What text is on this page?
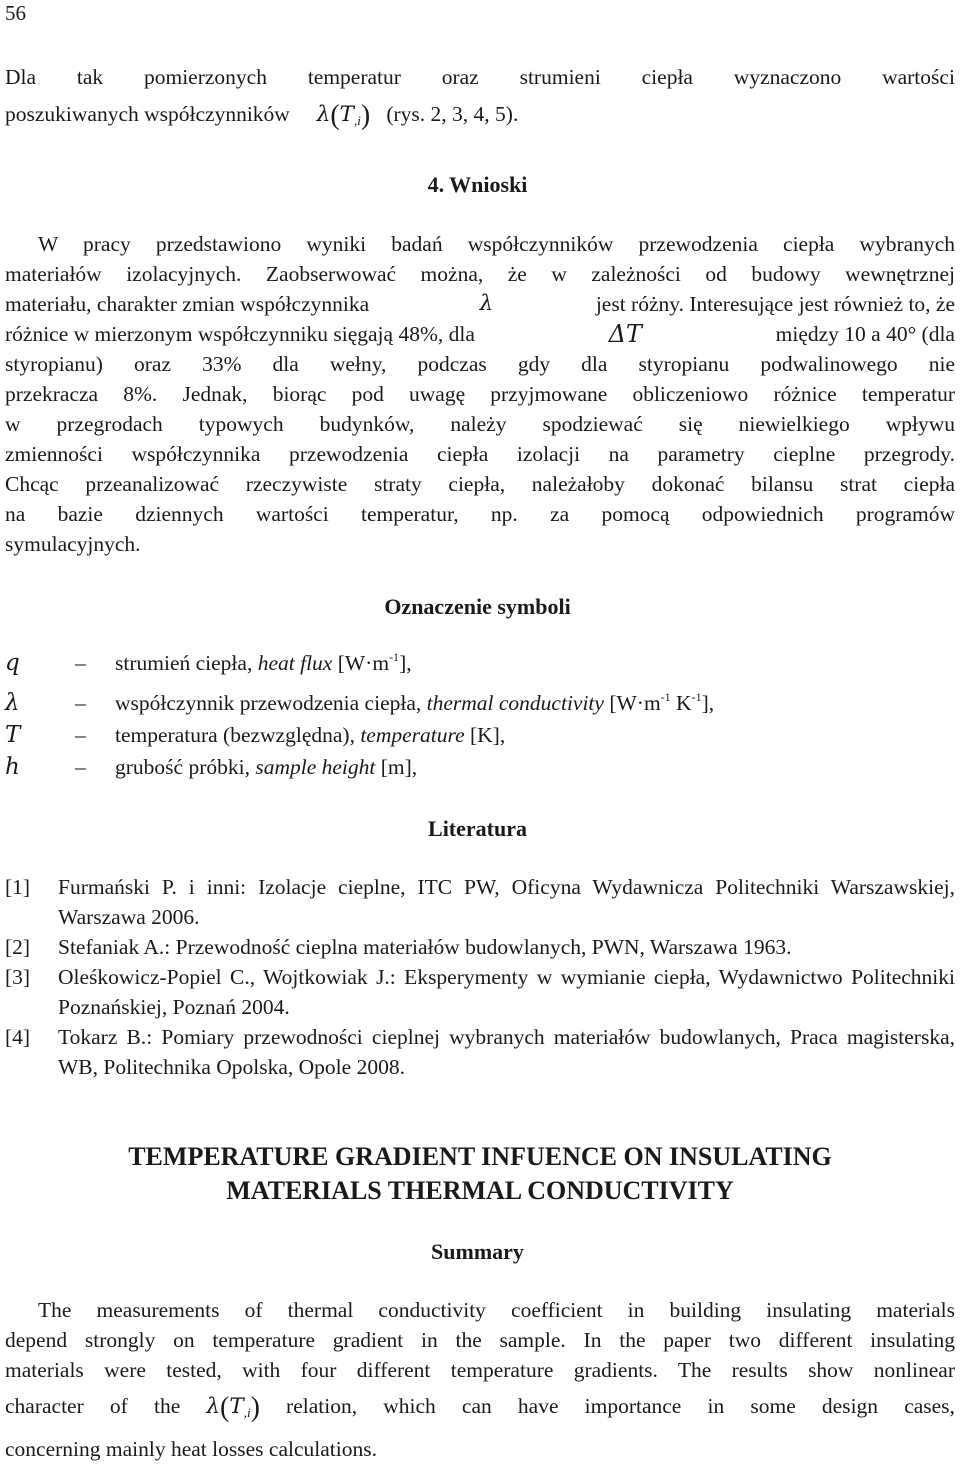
56
Dla tak pomierzonych temperatur oraz strumieni ciepła wyznaczono wartości
poszukiwanych współczynników λ(T,i) (rys. 2, 3, 4, 5).
4. Wnioski
W pracy przedstawiono wyniki badań współczynników przewodzenia ciepła wybranych
materiałów izolacyjnych. Zaobserwować można, że w zależności od budowy wewnętrznej
materiału, charakter zmian współczynnika	λ	jest różny. Interesujące jest również to, że
różnice w mierzonym współczynniku sięgają 48%, dla	ΔT	między 10 a 40° (dla
styropianu) oraz 33% dla wełny, podczas gdy dla styropianu podwalinowego nie
przekracza 8%. Jednak, biorąc pod uwagę przyjmowane obliczeniowo różnice temperatur
w przegrodach typowych budynków, należy spodziewać się niewielkiego wpływu
zmienności współczynnika przewodzenia ciepła izolacji na parametry cieplne przegrody.
Chcąc przeanalizować rzeczywiste straty ciepła, należałoby dokonać bilansu strat ciepła
na bazie dziennych wartości temperatur, np. za pomocą odpowiednich programów
symulacyjnych.
Oznaczenie symboli
q	–	strumień ciepła, heat flux $[W\cdot m^{-1}]$,
λ	–	współczynnik przewodzenia ciepła, thermal conductivity [$W\cdot m^{-1}$ $K^{-1}$],
T	–	temperatura (bezwzględna), temperature [K],
h	–	grubość próbki, sample height [m],
Literatura
[1]	Furmański P. i inni: Izolacje cieplne, ITC PW, Oficyna Wydawnicza Politechniki Warszawskiej, Warszawa 2006.
[2]	Stefaniak A.: Przewodność cieplna materiałów budowlanych, PWN, Warszawa 1963.
[3]	Oleśkowicz-Popiel C., Wojtkowiak J.: Eksperymenty w wymianie ciepła, Wydawnictwo Politechniki Poznańskiej, Poznań 2004.
[4]	Tokarz B.: Pomiary przewodności cieplnej wybranych materiałów budowlanych, Praca magisterska, WB, Politechnika Opolska, Opole 2008.
TEMPERATURE GRADIENT INFUENCE ON INSULATING
MATERIALS THERMAL CONDUCTIVITY
Summary
The measurements of thermal conductivity coefficient in building insulating materials
depend strongly on temperature gradient in the sample. In the paper two different insulating
materials were tested, with four different temperature gradients. The results show nonlinear
character of the λ(T,i) relation, which can have importance in some design cases,
concerning mainly heat losses calculations.
